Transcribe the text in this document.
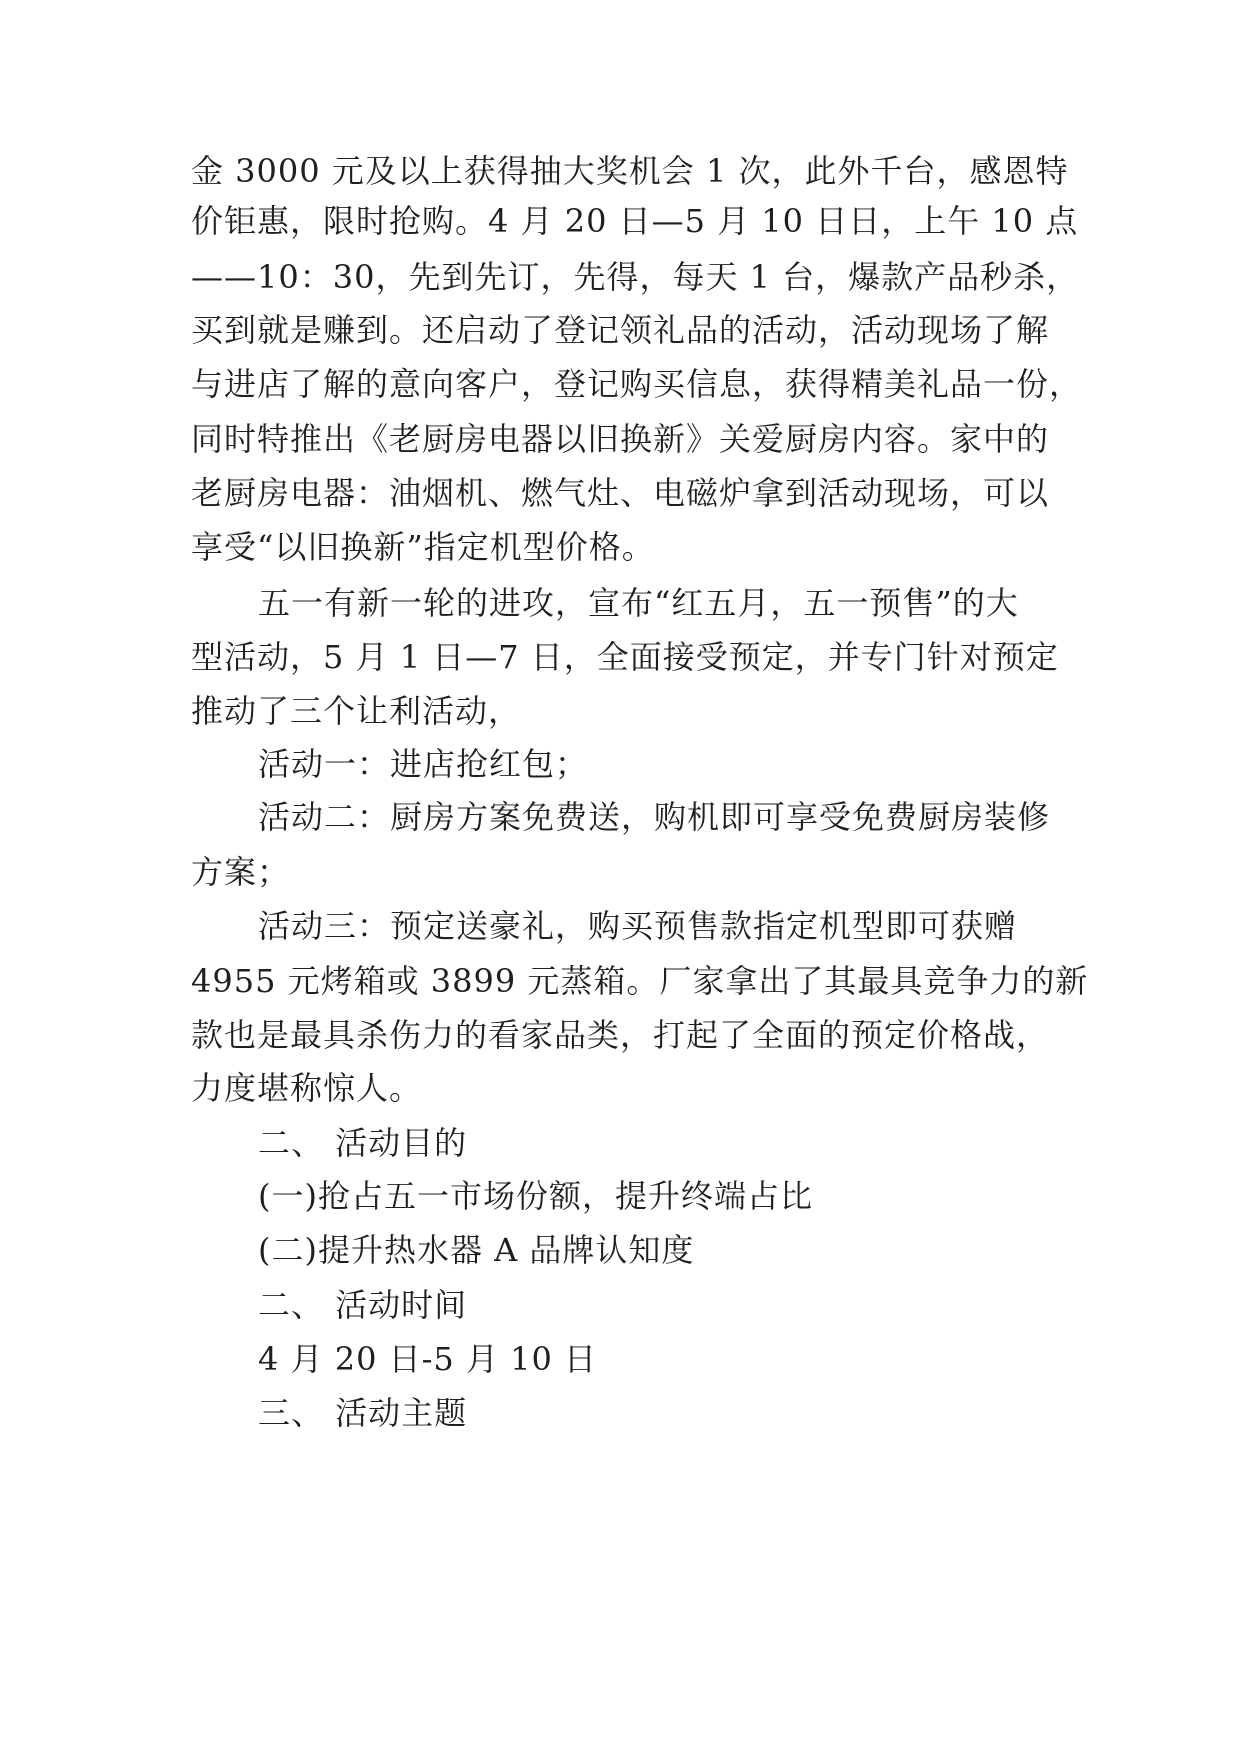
金 3000 元及以上获得抽大奖机会 1 次，此外千台，感恩特
价钜惠，限时抢购。4 月 20 日—5 月 10 日日，上午 10 点
——10：30，先到先订，先得，每天 1 台，爆款产品秒杀，
买到就是赚到。还启动了登记领礼品的活动，活动现场了解
与进店了解的意向客户，登记购买信息，获得精美礼品一份，
同时特推出《老厨房电器以旧换新》关爱厨房内容。家中的
老厨房电器：油烟机、燃气灶、电磁炉拿到活动现场，可以
享受“以旧换新”指定机型价格。
五一有新一轮的进攻，宣布“红五月，五一预售”的大
型活动，5 月 1 日—7 日，全面接受预定，并专门针对预定
推动了三个让利活动，
活动一：进店抢红包；
活动二：厨房方案免费送，购机即可享受免费厨房装修
方案；
活动三：预定送豪礼，购买预售款指定机型即可获赠
4955 元烤箱或 3899 元蒸箱。厂家拿出了其最具竞争力的新
款也是最具杀伤力的看家品类，打起了全面的预定价格战，
力度堪称惊人。
二、 活动目的
(一)抢占五一市场份额，提升终端占比
(二)提升热水器 A 品牌认知度
二、 活动时间
4 月 20 日-5 月 10 日
三、 活动主题
